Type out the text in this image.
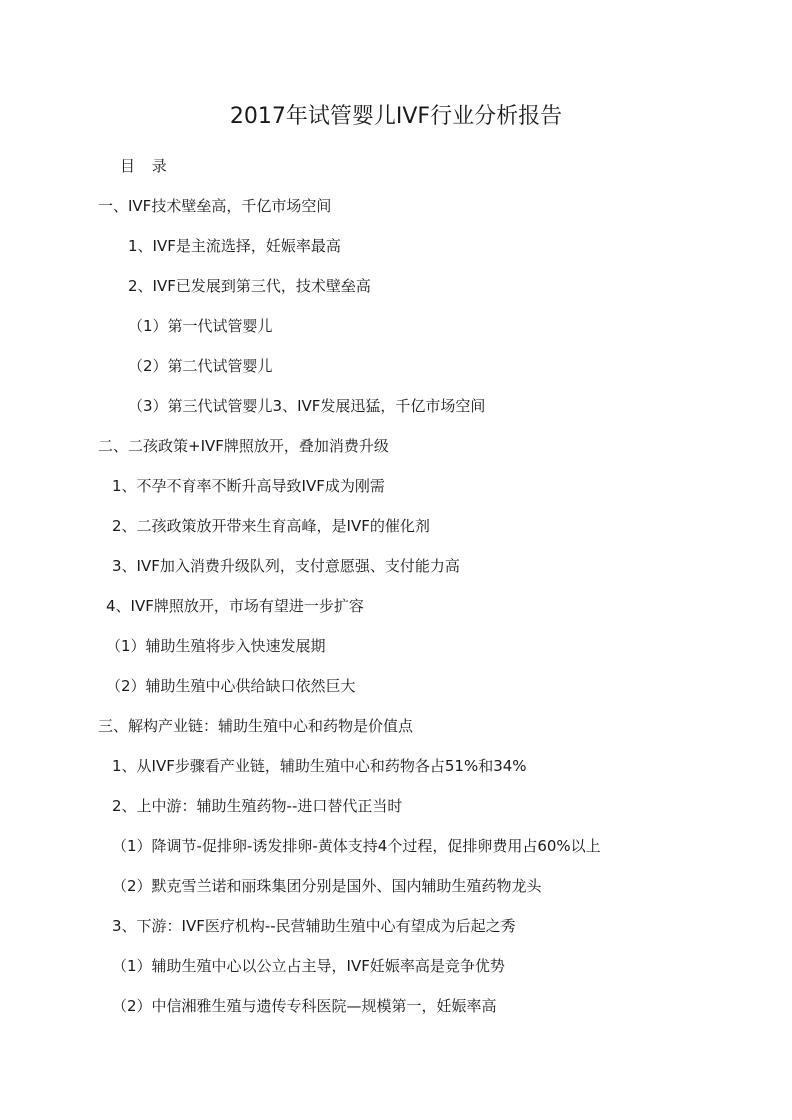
2017年试管婴儿IVF行业分析报告
目 录
一、IVF技术壁垒高，千亿市场空间
1、IVF是主流选择，妊娠率最高
2、IVF已发展到第三代，技术壁垒高
（1）第一代试管婴儿
（2）第二代试管婴儿
（3）第三代试管婴儿3、IVF发展迅猛，千亿市场空间
二、二孩政策+IVF牌照放开，叠加消费升级
1、不孕不育率不断升高导致IVF成为刚需
2、二孩政策放开带来生育高峰，是IVF的催化剂
3、IVF加入消费升级队列，支付意愿强、支付能力高
4、IVF牌照放开，市场有望进一步扩容
（1）辅助生殖将步入快速发展期
（2）辅助生殖中心供给缺口依然巨大
三、解构产业链：辅助生殖中心和药物是价值点
1、从IVF步骤看产业链，辅助生殖中心和药物各占51%和34%
2、上中游：辅助生殖药物--进口替代正当时
（1）降调节-促排卵-诱发排卵-黄体支持4个过程，促排卵费用占60%以上
（2）默克雪兰诺和丽珠集团分别是国外、国内辅助生殖药物龙头
3、下游：IVF医疗机构--民营辅助生殖中心有望成为后起之秀
（1）辅助生殖中心以公立占主导，IVF妊娠率高是竞争优势
（2）中信湘雅生殖与遗传专科医院—规模第一，妊娠率高
